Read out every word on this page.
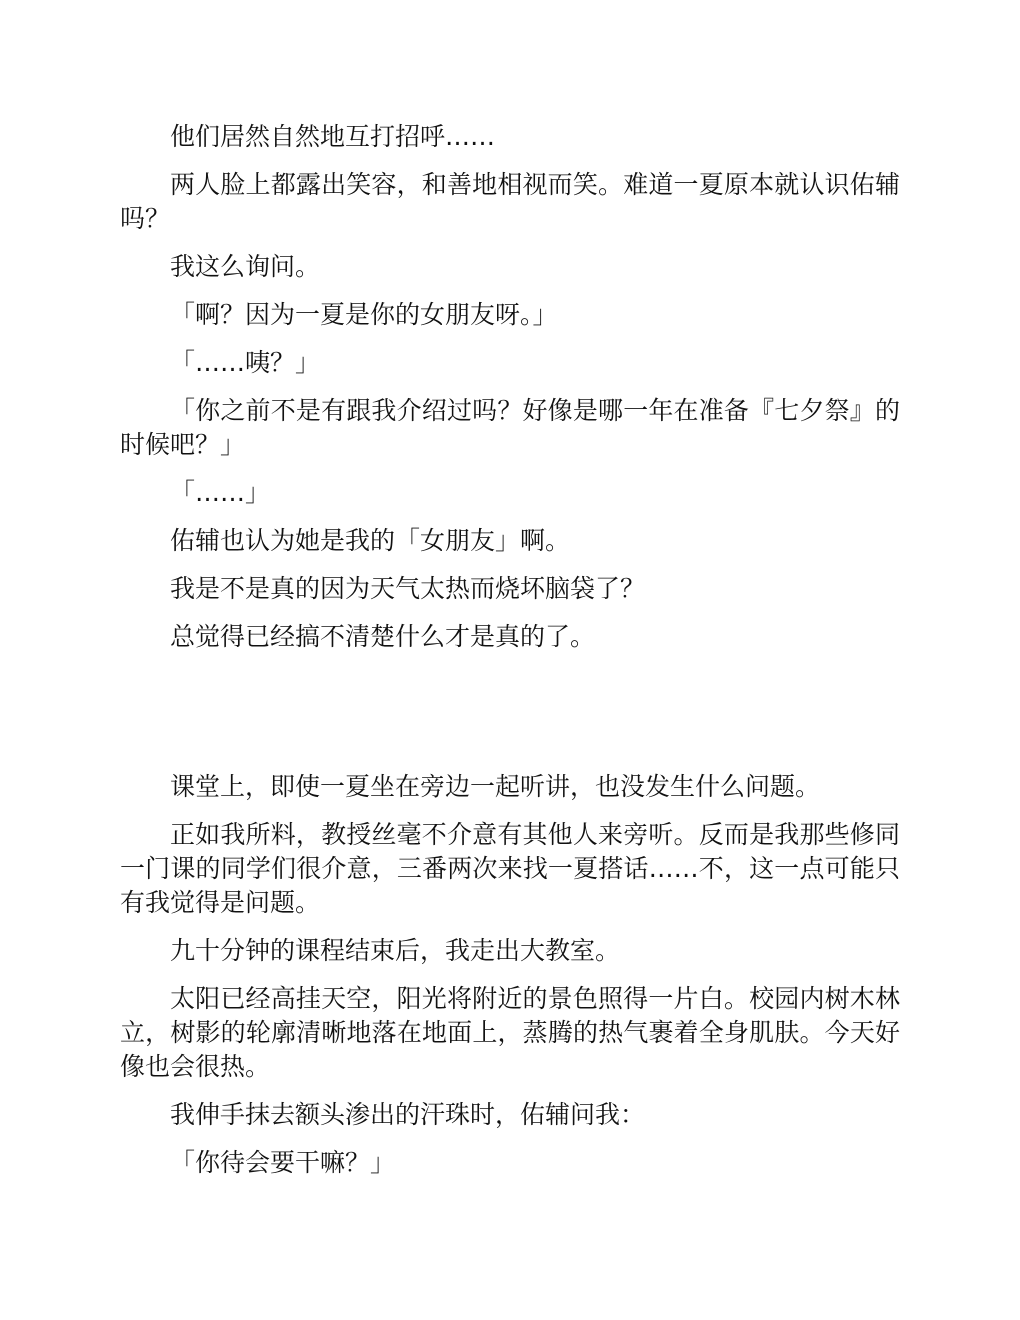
他们居然自然地互打招呼……

两人脸上都露出笑容，和善地相视而笑。难道一夏原本就认识佑辅吗？

我这么询问。

「啊？因为一夏是你的女朋友呀。」

「……咦？」

「你之前不是有跟我介绍过吗？好像是哪一年在准备『七夕祭』的时候吧？」

「……」

佑辅也认为她是我的「女朋友」啊。

我是不是真的因为天气太热而烧坏脑袋了？

总觉得已经搞不清楚什么才是真的了。

课堂上，即使一夏坐在旁边一起听讲，也没发生什么问题。

正如我所料，教授丝毫不介意有其他人来旁听。反而是我那些修同一门课的同学们很介意，三番两次来找一夏搭话……不，这一点可能只有我觉得是问题。

九十分钟的课程结束后，我走出大教室。

太阳已经高挂天空，阳光将附近的景色照得一片白。校园内树木林立，树影的轮廓清晰地落在地面上，蒸腾的热气裹着全身肌肤。今天好像也会很热。

我伸手抹去额头渗出的汗珠时，佑辅问我：

「你待会要干嘛？」
